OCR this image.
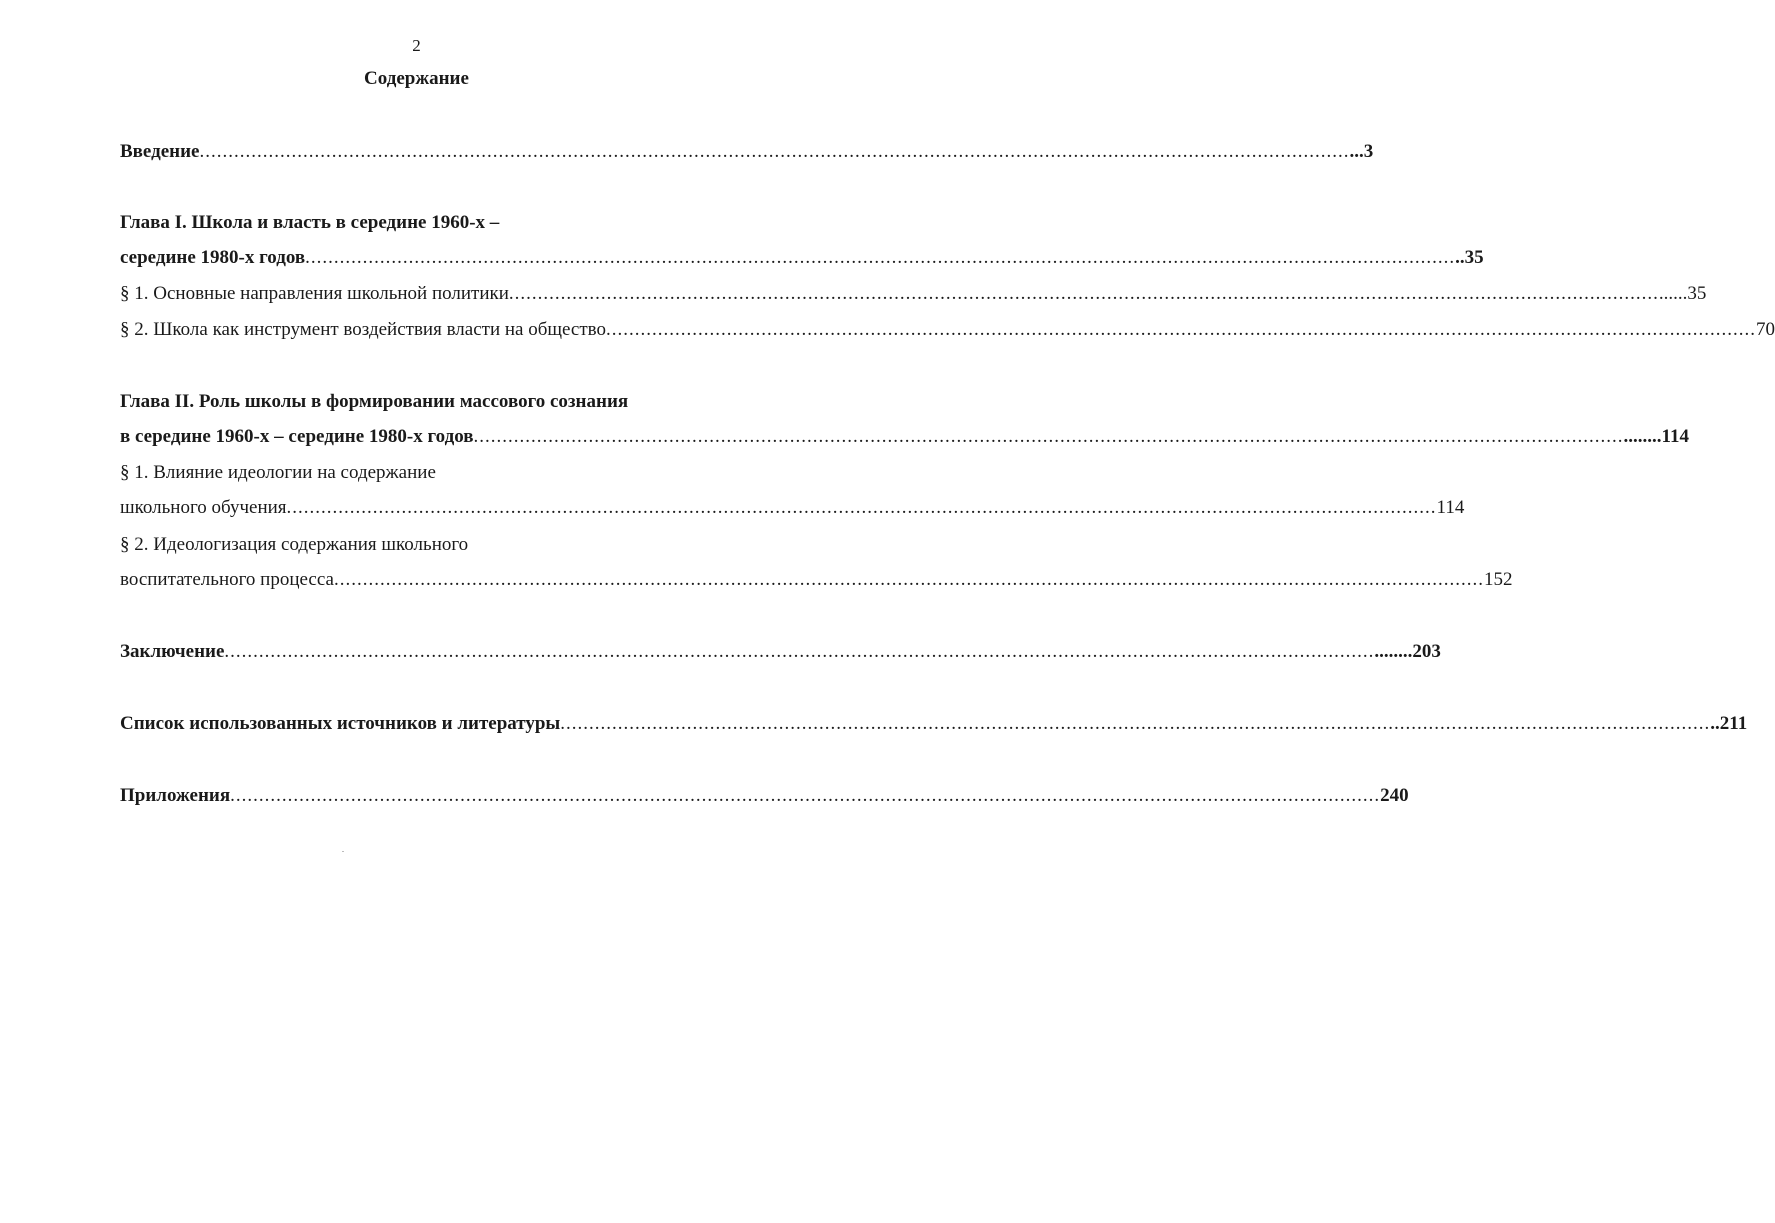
2
Содержание
Введение ........................................................................................................................................................................................................ ...3
Глава I. Школа и власть в середине 1960-х –
середине 1980-х годов ........................................................................................................................................................................................................ ..35
§ 1. Основные направления школьной политики ........................................................................................................................................................................................................ ......35
§ 2. Школа как инструмент воздействия власти на общество ........................................................................................................................................................................................................ 70
Глава II. Роль школы в формировании массового сознания
в середине 1960-х – середине 1980-х годов ........................................................................................................................................................................................................ ........114
§ 1. Влияние идеологии на содержание
школьного обучения ........................................................................................................................................................................................................ 114
§ 2. Идеологизация содержания школьного
воспитательного процесса ........................................................................................................................................................................................................ 152
Заключение ........................................................................................................................................................................................................ ........203
Список использованных источников и литературы ........................................................................................................................................................................................................ ..211
Приложения ........................................................................................................................................................................................................ 240
